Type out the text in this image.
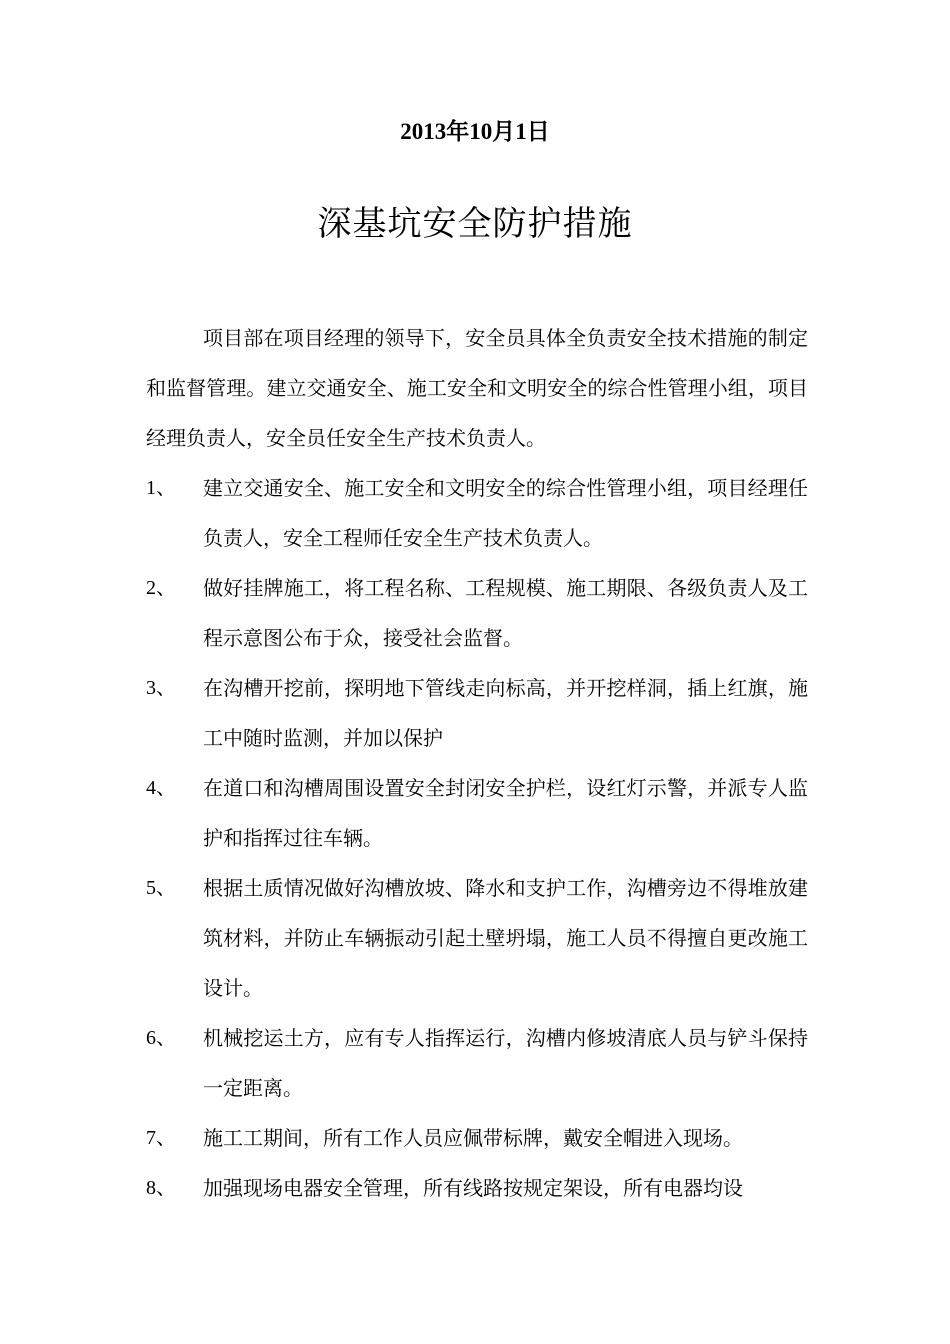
2013年10月1日

深基坑安全防护措施

项目部在项目经理的领导下，安全员具体全负责安全技术措施的制定和监督管理。建立交通安全、施工安全和文明安全的综合性管理小组，项目经理负责人，安全员任安全生产技术负责人。

1、 建立交通安全、施工安全和文明安全的综合性管理小组，项目经理任负责人，安全工程师任安全生产技术负责人。
2、 做好挂牌施工，将工程名称、工程规模、施工期限、各级负责人及工程示意图公布于众，接受社会监督。
3、 在沟槽开挖前，探明地下管线走向标高，并开挖样洞，插上红旗，施工中随时监测，并加以保护
4、 在道口和沟槽周围设置安全封闭安全护栏，设红灯示警，并派专人监护和指挥过往车辆。
5、 根据土质情况做好沟槽放坡、降水和支护工作，沟槽旁边不得堆放建筑材料，并防止车辆振动引起土壁坍塌，施工人员不得擅自更改施工设计。
6、 机械挖运土方，应有专人指挥运行，沟槽内修坡清底人员与铲斗保持一定距离。
7、 施工工期间，所有工作人员应佩带标牌，戴安全帽进入现场。
8、 加强现场电器安全管理，所有线路按规定架设，所有电器均设
